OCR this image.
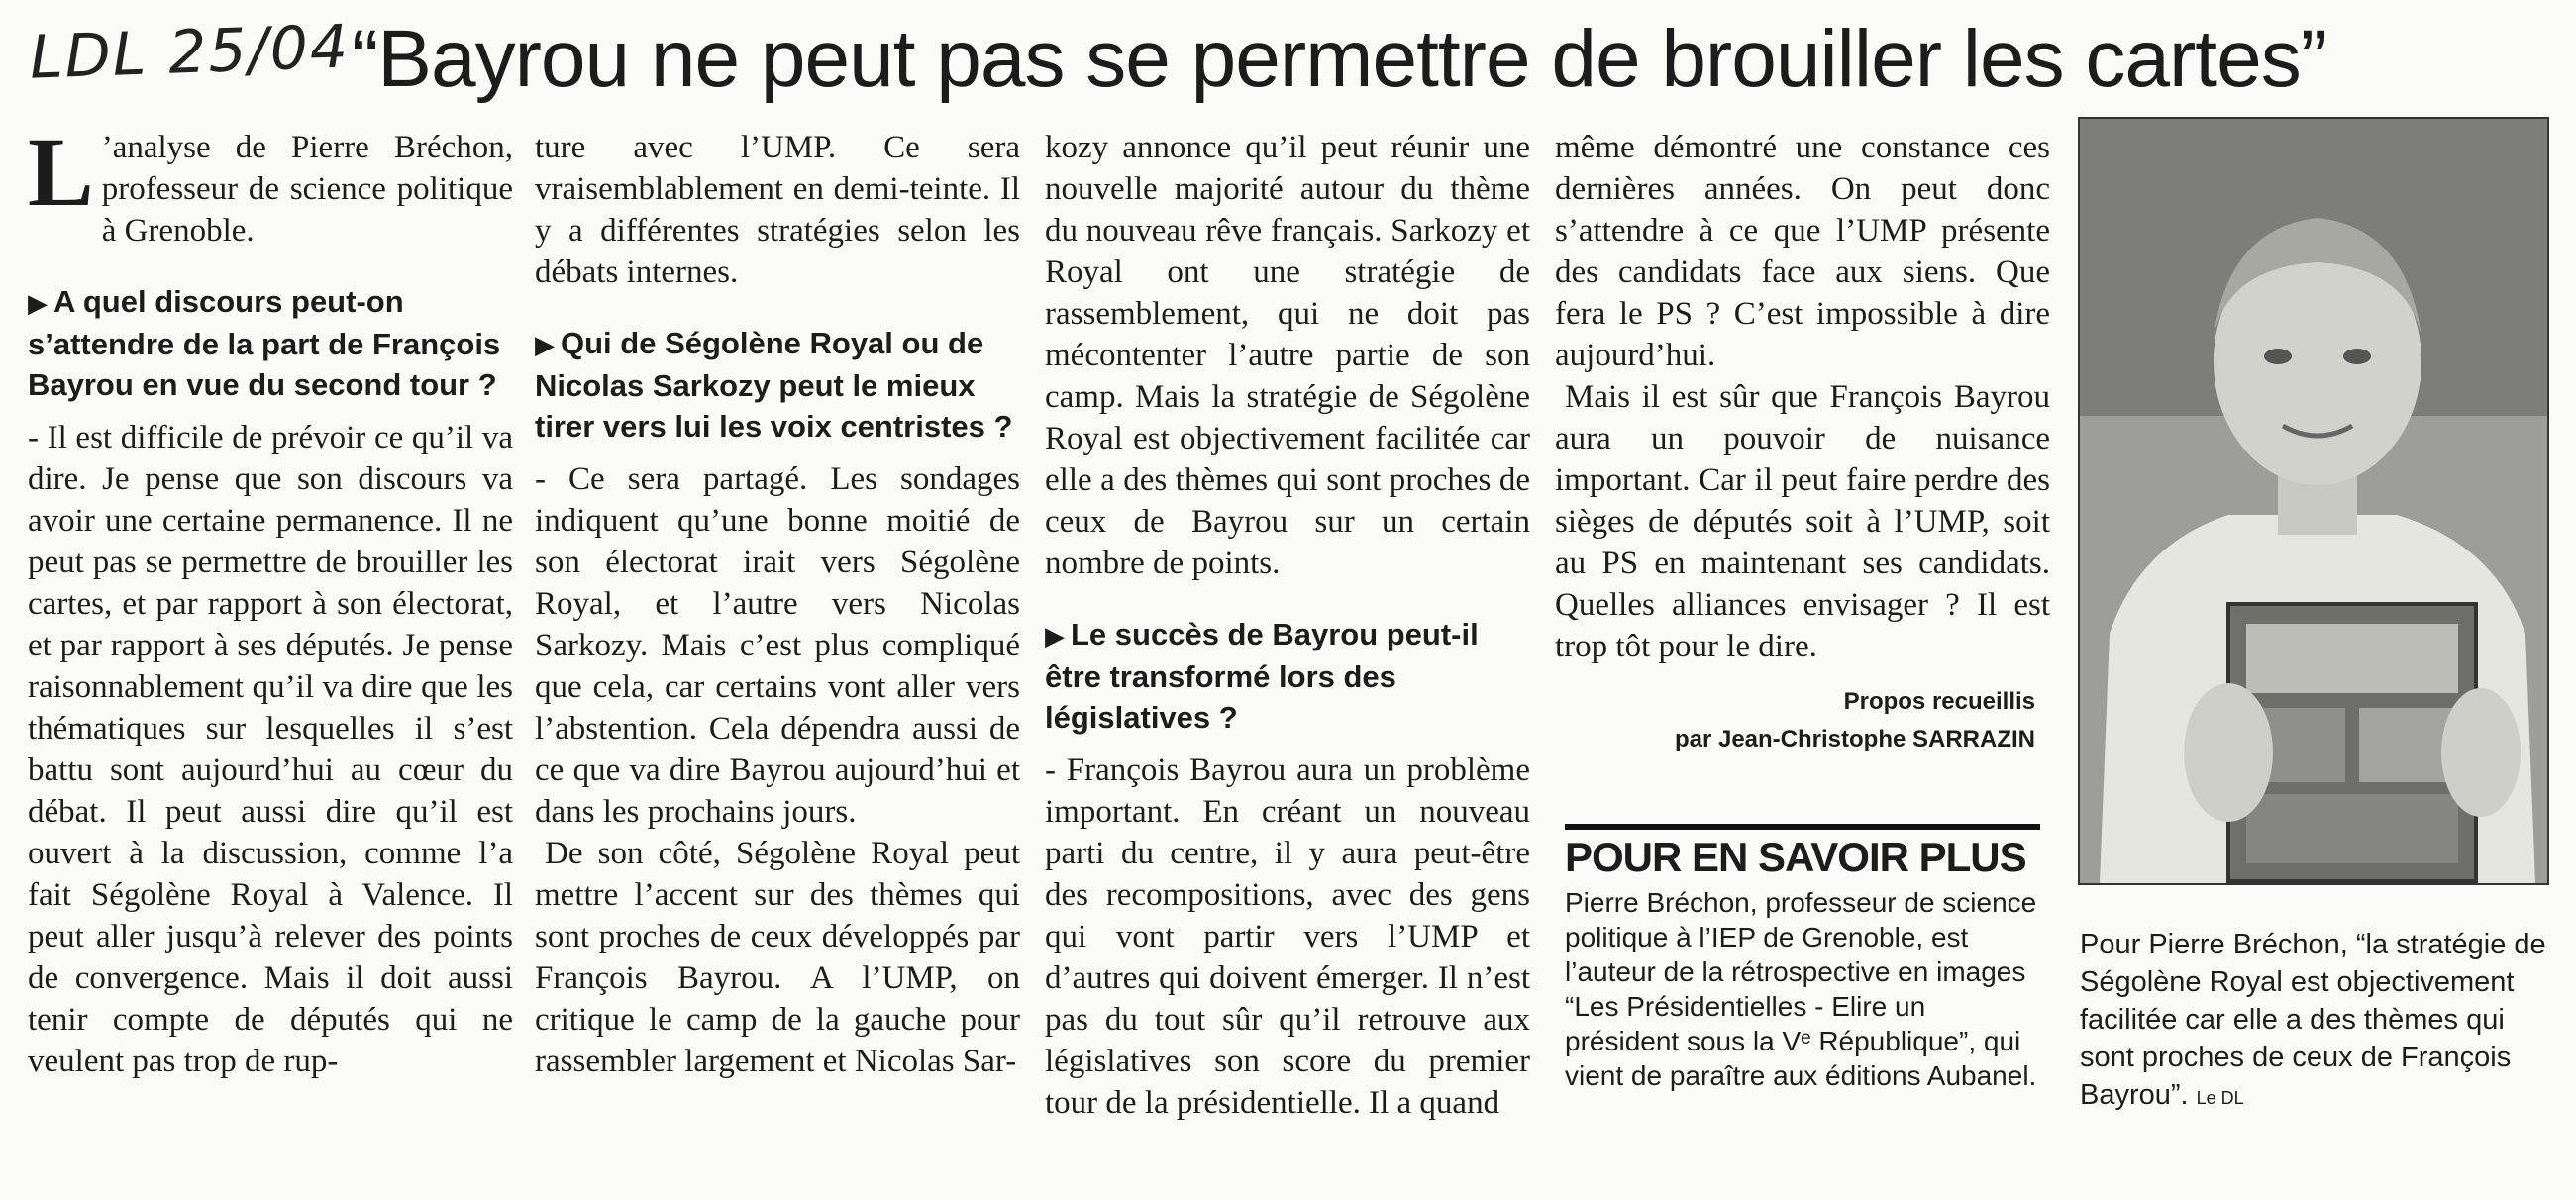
LDL 25/04 “Bayrou ne peut pas se permettre de brouiller les cartes”

L ’analyse de Pierre Bréchon, professeur de science politique à Grenoble.

▶ A quel discours peut-on s’attendre de la part de François Bayrou en vue du second tour ?

- Il est difficile de prévoir ce qu’il va dire. Je pense que son discours va avoir une certaine permanence. Il ne peut pas se permettre de brouiller les cartes, et par rapport à son électorat, et par rapport à ses députés. Je pense raisonnablement qu’il va dire que les thématiques sur lesquelles il s’est battu sont aujourd’hui au cœur du débat. Il peut aussi dire qu’il est ouvert à la discussion, comme l’a fait Ségolène Royal à Valence. Il peut aller jusqu’à relever des points de convergence. Mais il doit aussi tenir compte de députés qui ne veulent pas trop de rup-

ture avec l’UMP. Ce sera vraisemblablement en demi-teinte. Il y a différentes stratégies selon les débats internes.

▶ Qui de Ségolène Royal ou de Nicolas Sarkozy peut le mieux tirer vers lui les voix centristes ?

- Ce sera partagé. Les sondages indiquent qu’une bonne moitié de son électorat irait vers Ségolène Royal, et l’autre vers Nicolas Sarkozy. Mais c’est plus compliqué que cela, car certains vont aller vers l’abstention. Cela dépendra aussi de ce que va dire Bayrou aujourd’hui et dans les prochains jours.

De son côté, Ségolène Royal peut mettre l’accent sur des thèmes qui sont proches de ceux développés par François Bayrou. A l’UMP, on critique le camp de la gauche pour rassembler largement et Nicolas Sar-

kozy annonce qu’il peut réunir une nouvelle majorité autour du thème du nouveau rêve français. Sarkozy et Royal ont une stratégie de rassemblement, qui ne doit pas mécontenter l’autre partie de son camp. Mais la stratégie de Ségolène Royal est objectivement facilitée car elle a des thèmes qui sont proches de ceux de Bayrou sur un certain nombre de points.

▶ Le succès de Bayrou peut-il être transformé lors des législatives ?

- François Bayrou aura un problème important. En créant un nouveau parti du centre, il y aura peut-être des recompositions, avec des gens qui vont partir vers l’UMP et d’autres qui doivent émerger. Il n’est pas du tout sûr qu’il retrouve aux législatives son score du premier tour de la présidentielle. Il a quand

même démontré une constance ces dernières années. On peut donc s’attendre à ce que l’UMP présente des candidats face aux siens. Que fera le PS ? C’est impossible à dire aujourd’hui.

Mais il est sûr que François Bayrou aura un pouvoir de nuisance important. Car il peut faire perdre des sièges de députés soit à l’UMP, soit au PS en maintenant ses candidats. Quelles alliances envisager ? Il est trop tôt pour le dire.

Propos recueillis
par Jean-Christophe SARRAZIN
POUR EN SAVOIR PLUS
Pierre Bréchon, professeur de science politique à l’IEP de Grenoble, est l’auteur de la rétrospective en images “Les Présidentielles - Elire un président sous la Vᵉ République”, qui vient de paraître aux éditions Aubanel.
Pour Pierre Bréchon, “la stratégie de Ségolène Royal est objectivement facilitée car elle a des thèmes qui sont proches de ceux de François Bayrou”. Le DL
